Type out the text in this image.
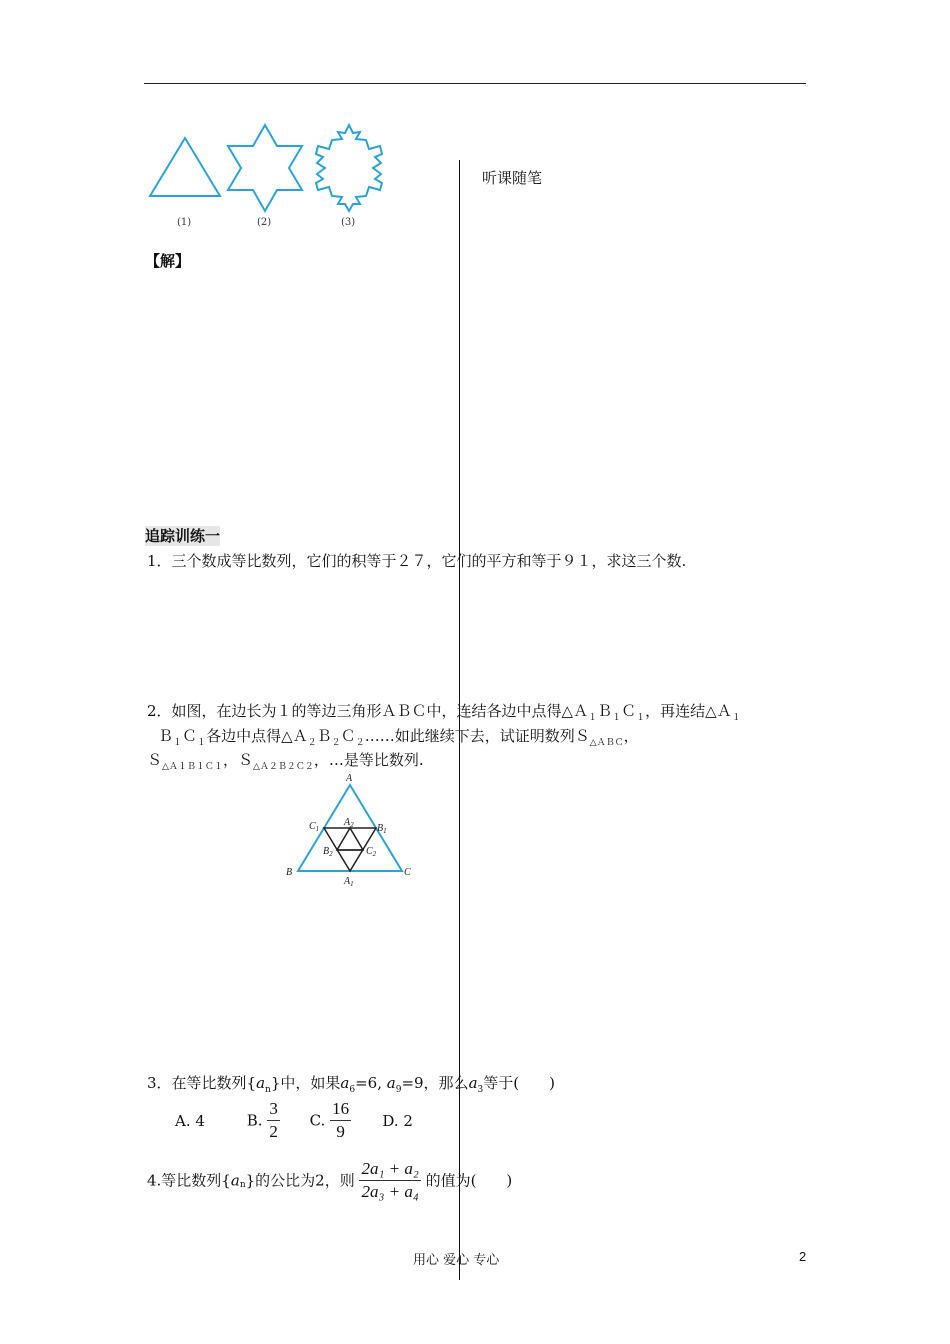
(1)	(2)	(3)
听课随笔
【解】
追踪训练一
1．三个数成等比数列，它们的积等于２７，它们的平方和等于９１，求这三个数.
2．如图，在边长为１的等边三角形ＡＢＣ中，连结各边中点得△Ａ$_1$Ｂ$_1$Ｃ$_1$，再连结△Ａ$_1$
Ｂ$_1$Ｃ$_1$各边中点得△Ａ$_2$Ｂ$_2$Ｃ$_2$……如此继续下去，试证明数列Ｓ$_{\triangle ABC}$，
Ｓ$_{\triangle A1B1C1}$，Ｓ$_{\triangle A2B2C2}$，…是等比数列.
A
B	C
$C_1$	$B_1$
$A_2$
$B_2$	$C_2$
$A_1$
3．在等比数列$\{a_n\}$中，如果$a_6=6$, $a_9=9$，那么$a_3$等于(　　)
A. 4	B. $\frac{3}{2} C$. $\frac{16}{9} D$. 2
4.等比数列$\{a_n\}$的公比为2，则 $\frac{\text{2a₁ + a₂}}{\text{2a₃ + a₄}}$ 的值为(　　)
用心 爱心 专心	2
